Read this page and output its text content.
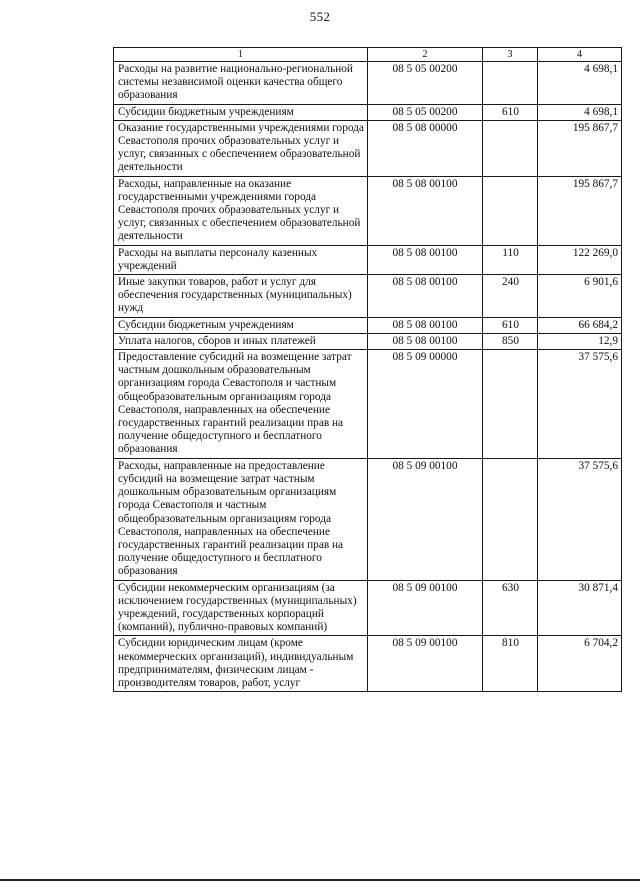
552
1	2	3	4
Расходы на развитие национально-региональной системы независимой оценки качества общего образования	08 5 05 00200		4 698,1
Субсидии бюджетным учреждениям	08 5 05 00200	610	4 698,1
Оказание государственными учреждениями города Севастополя прочих образовательных услуг и услуг, связанных с обеспечением образовательной деятельности	08 5 08 00000		195 867,7
Расходы, направленные на оказание государственными учреждениями города Севастополя прочих образовательных услуг и услуг, связанных с обеспечением образовательной деятельности	08 5 08 00100		195 867,7
Расходы на выплаты персоналу казенных учреждений	08 5 08 00100	110	122 269,0
Иные закупки товаров, работ и услуг для обеспечения государственных (муниципальных) нужд	08 5 08 00100	240	6 901,6
Субсидии бюджетным учреждениям	08 5 08 00100	610	66 684,2
Уплата налогов, сборов и иных платежей	08 5 08 00100	850	12,9
Предоставление субсидий на возмещение затрат частным дошкольным образовательным организациям города Севастополя и частным общеобразовательным организациям города Севастополя, направленных на обеспечение государственных гарантий реализации прав на получение общедоступного и бесплатного образования	08 5 09 00000		37 575,6
Расходы, направленные на предоставление субсидий на возмещение затрат частным дошкольным образовательным организациям города Севастополя и частным общеобразовательным организациям города Севастополя, направленных на обеспечение государственных гарантий реализации прав на получение общедоступного и бесплатного образования	08 5 09 00100		37 575,6
Субсидии некоммерческим организациям (за исключением государственных (муниципальных) учреждений, государственных корпораций (компаний), публично-правовых компаний)	08 5 09 00100	630	30 871,4
Субсидии юридическим лицам (кроме некоммерческих организаций), индивидуальным предпринимателям, физическим лицам - производителям товаров, работ, услуг	08 5 09 00100	810	6 704,2
